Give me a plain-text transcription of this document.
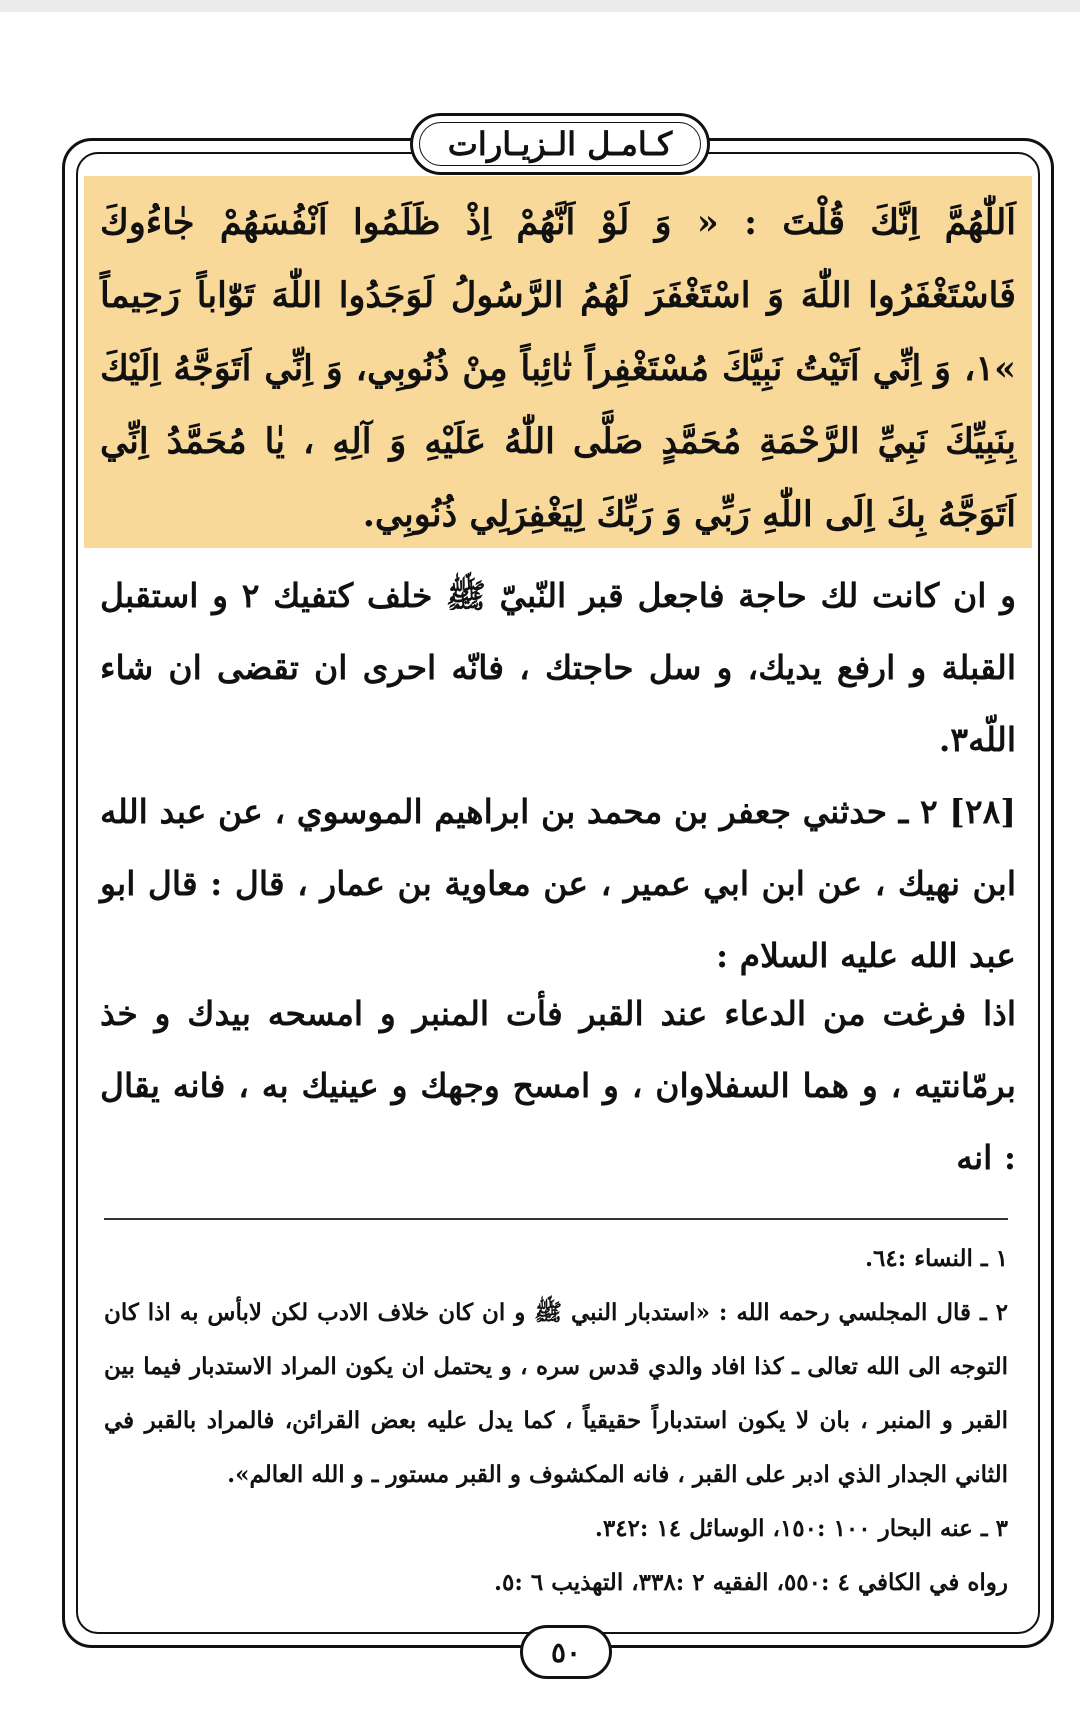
كـامـل الـزيـارات
اَللّٰهُمَّ اِنَّكَ قُلْتَ : « وَ لَوْ اَنَّهُمْ اِذْ ظَلَمُوا اَنْفُسَهُمْ جٰاءُوكَ فَاسْتَغْفَرُوا اللّٰهَ وَ اسْتَغْفَرَ لَهُمُ الرَّسُولُ لَوَجَدُوا اللّٰهَ تَوّٰاباً رَحِيماً »١، وَ اِنِّي اَتَيْتُ نَبِيَّكَ مُسْتَغْفِراً تٰائِباً مِنْ ذُنُوبِي، وَ اِنِّي اَتَوَجَّهُ اِلَيْكَ بِنَبِيِّكَ نَبِيِّ الرَّحْمَةِ مُحَمَّدٍ صَلَّى اللّٰهُ عَلَيْهِ وَ آلِهِ ، يٰا مُحَمَّدُ اِنِّي اَتَوَجَّهُ بِكَ اِلَى اللّٰهِ رَبِّي وَ رَبِّكَ لِيَغْفِرَلِي ذُنُوبِي.
و ان كانت لك حاجة فاجعل قبر النّبيّ ﷺ خلف كتفيك ٢ و استقبل القبلة و ارفع يديك، و سل حاجتك ، فانّه احرى ان تقضى ان شاء اللّه٣.
[٢٨] ٢ ـ حدثني جعفر بن محمد بن ابراهيم الموسوي ، عن عبد الله ابن نهيك ، عن ابن ابي عمير ، عن معاوية بن عمار ، قال : قال ابو عبد الله عليه السلام :
اذا فرغت من الدعاء عند القبر فأت المنبر و امسحه بيدك و خذ برمّانتيه ، و هما السفلاوان ، و امسح وجهك و عينيك به ، فانه يقال : انه
١ ـ النساء :٦٤.
٢ ـ قال المجلسي رحمه الله : «استدبار النبي ﷺ و ان كان خلاف الادب لكن لابأس به اذا كان التوجه الى الله تعالى ـ كذا افاد والدي قدس سره ، و يحتمل ان يكون المراد الاستدبار فيما بين القبر و المنبر ، بان لا يكون استدباراً حقيقياً ، كما يدل عليه بعض القرائن، فالمراد بالقبر في الثاني الجدار الذي ادبر على القبر ، فانه المكشوف و القبر مستور ـ و الله العالم».
٣ ـ عنه البحار ١٠٠ :١٥٠، الوسائل ١٤ :٣٤٢.
رواه في الكافي ٤ :٥٥٠، الفقيه ٢ :٣٣٨، التهذيب ٦ :٥.
٥٠
